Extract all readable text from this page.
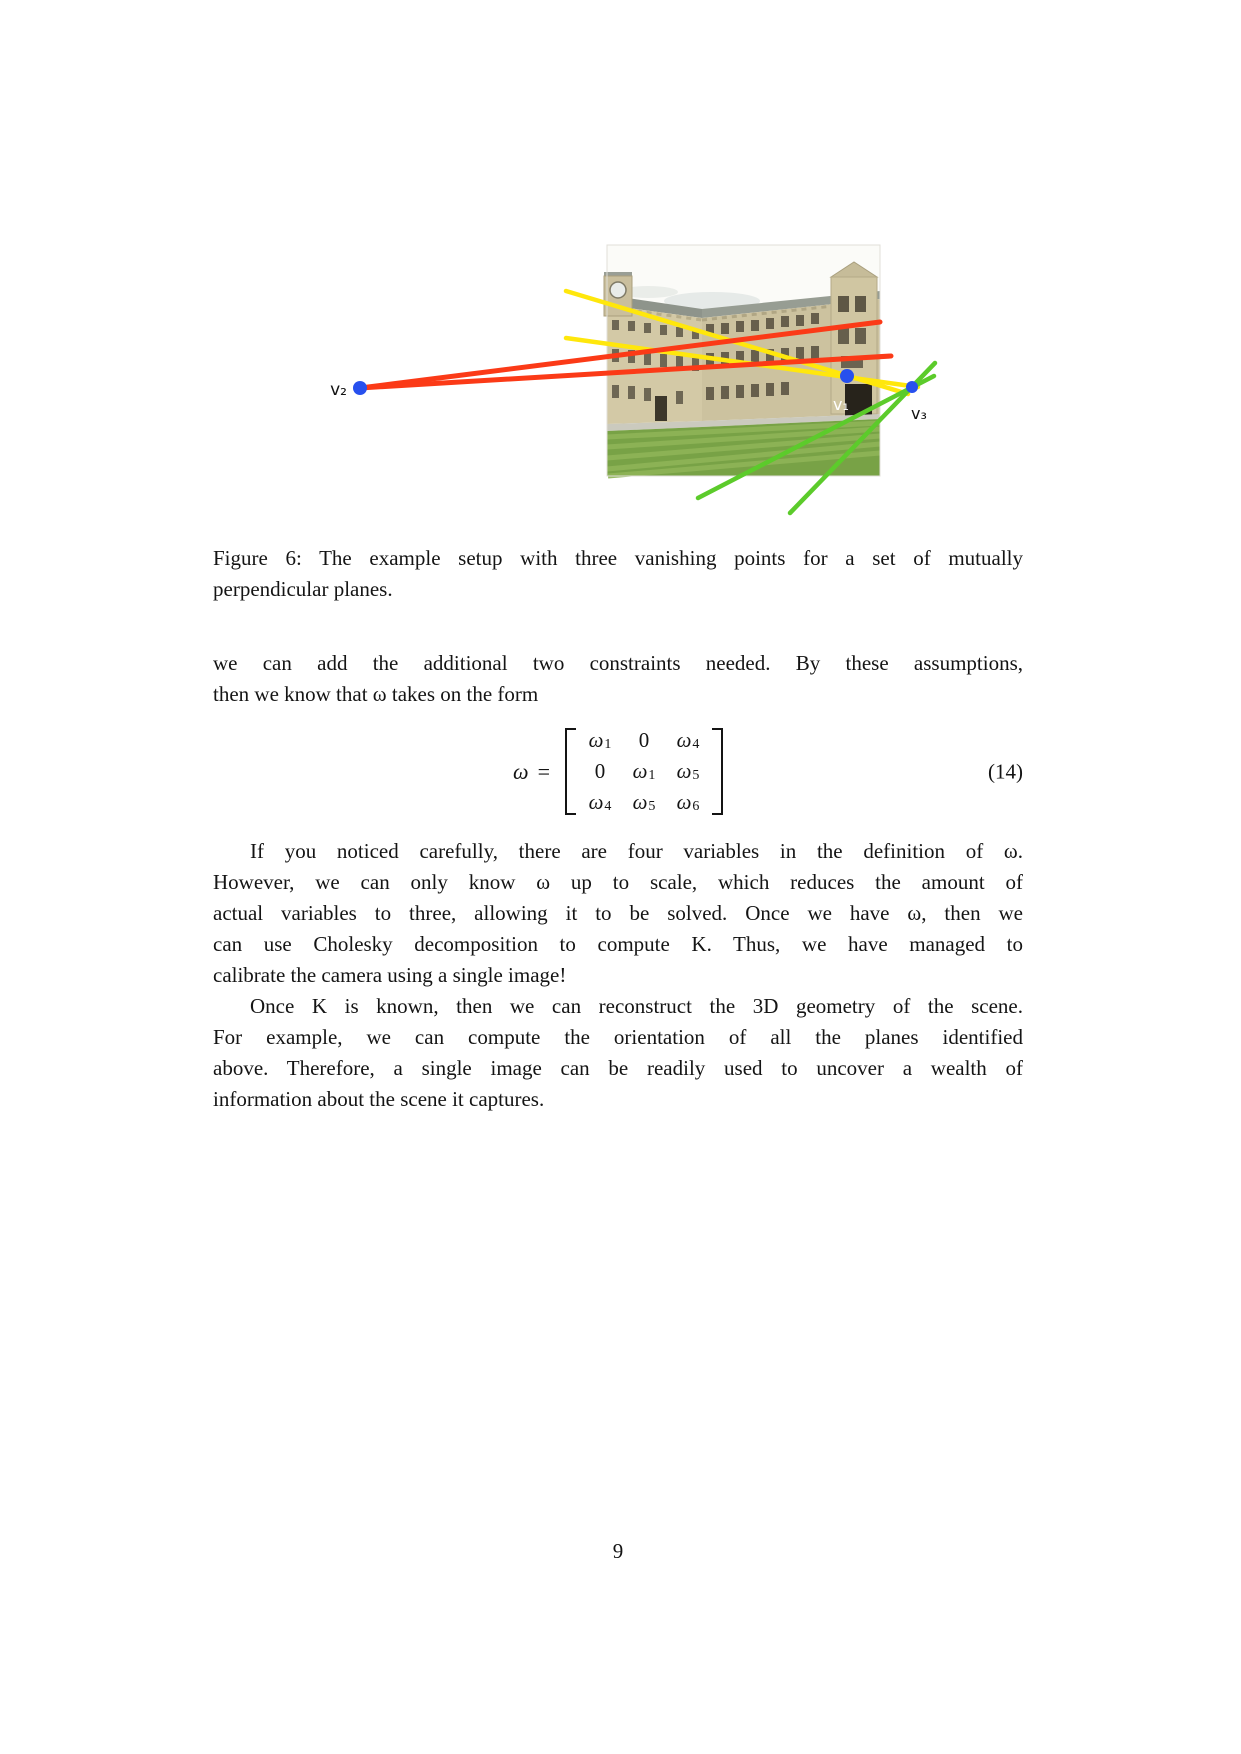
v₂
v₁	v₃
Figure 6: The example setup with three vanishing points for a set of mutually
perpendicular planes.
we can add the additional two constraints needed. By these assumptions,
then we know that ω takes on the form
ω =
ω 1 0 ω 4
0 ω 1 ω 5
ω 4 ω 5 ω 6
(14)
If you noticed carefully, there are four variables in the definition of ω.
However, we can only know ω up to scale, which reduces the amount of
actual variables to three, allowing it to be solved. Once we have ω, then we
can use Cholesky decomposition to compute K. Thus, we have managed to
calibrate the camera using a single image!
Once K is known, then we can reconstruct the 3D geometry of the scene.
For example, we can compute the orientation of all the planes identified
above. Therefore, a single image can be readily used to uncover a wealth of
information about the scene it captures.
9
